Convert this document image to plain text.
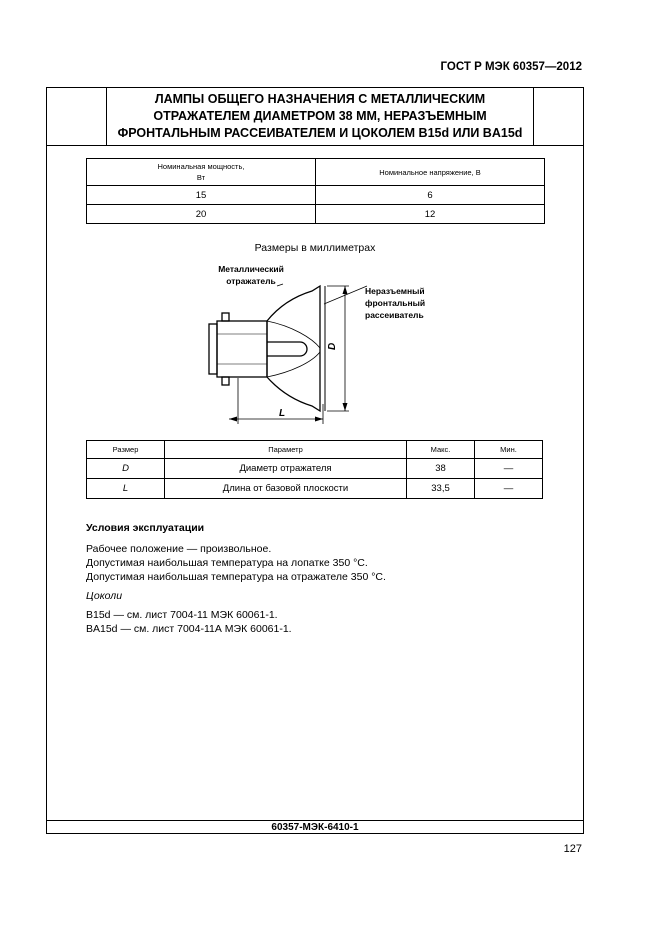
ГОСТ Р МЭК 60357—2012
ЛАМПЫ ОБЩЕГО НАЗНАЧЕНИЯ С МЕТАЛЛИЧЕСКИМ
ОТРАЖАТЕЛЕМ ДИАМЕТРОМ 38 ММ, НЕРАЗЪЕМНЫМ
ФРОНТАЛЬНЫМ РАССЕИВАТЕЛЕМ И ЦОКОЛЕМ B15d ИЛИ BA15d
Номинальная мощность,
Вт	Номинальное напряжение, В
15	6
20	12
Размеры в миллиметрах
D
L
Металлический
отражатель
Неразъемный
фронтальный
рассеиватель
Размер	Параметр	Макс.	Мин.
D	Диаметр отражателя	38	—
L	Длина от базовой плоскости	33,5	—

Условия эксплуатации

Рабочее положение — произвольное.

Допустимая наибольшая температура на лопатке 350 °С.

Допустимая наибольшая температура на отражателе 350 °С.

Цоколи

B15d — см. лист 7004-11 МЭК 60061-1.

BA15d — см. лист 7004-11А МЭК 60061-1.

60357-МЭК-6410-1
127
